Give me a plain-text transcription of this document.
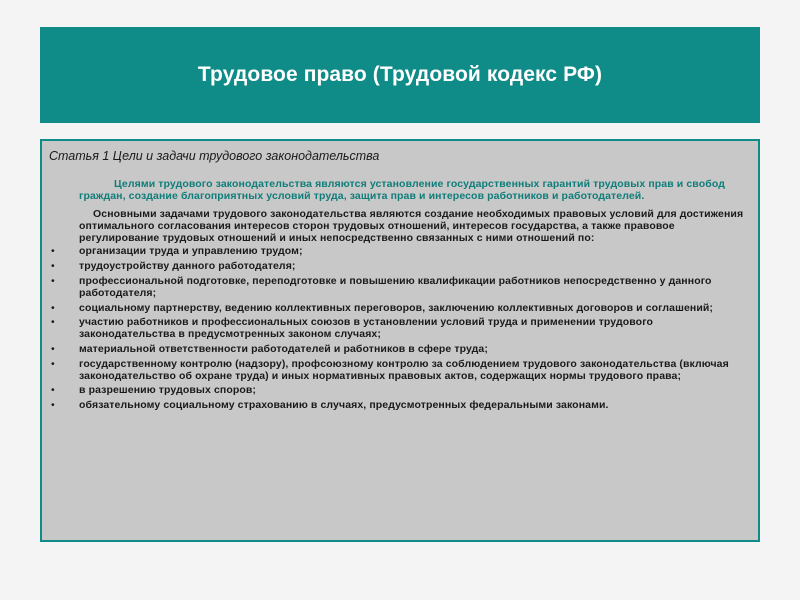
Трудовое право (Трудовой кодекс РФ)

Статья 1 Цели и задачи трудового законодательства

Целями трудового законодательства являются установление государственных гарантий трудовых прав и свобод граждан, создание благоприятных условий труда, защита прав и интересов работников и работодателей.

Основными задачами трудового законодательства являются создание необходимых правовых условий для достижения оптимального согласования интересов сторон трудовых отношений, интересов государства, а также правовое регулирование трудовых отношений и иных непосредственно связанных с ними отношений по:

• организации труда и управлению трудом;
• трудоустройству данного работодателя;
• профессиональной подготовке, переподготовке и повышению квалификации работников непосредственно у данного работодателя;
• социальному партнерству, ведению коллективных переговоров, заключению коллективных договоров и соглашений;
• участию работников и профессиональных союзов в установлении условий труда и применении трудового законодательства в предусмотренных законом случаях;
• материальной ответственности работодателей и работников в сфере труда;
• государственному контролю (надзору), профсоюзному контролю за соблюдением трудового законодательства (включая законодательство об охране труда) и иных нормативных правовых актов, содержащих нормы трудового права;
• в разрешению трудовых споров;
• обязательному социальному страхованию в случаях, предусмотренных федеральными законами.
